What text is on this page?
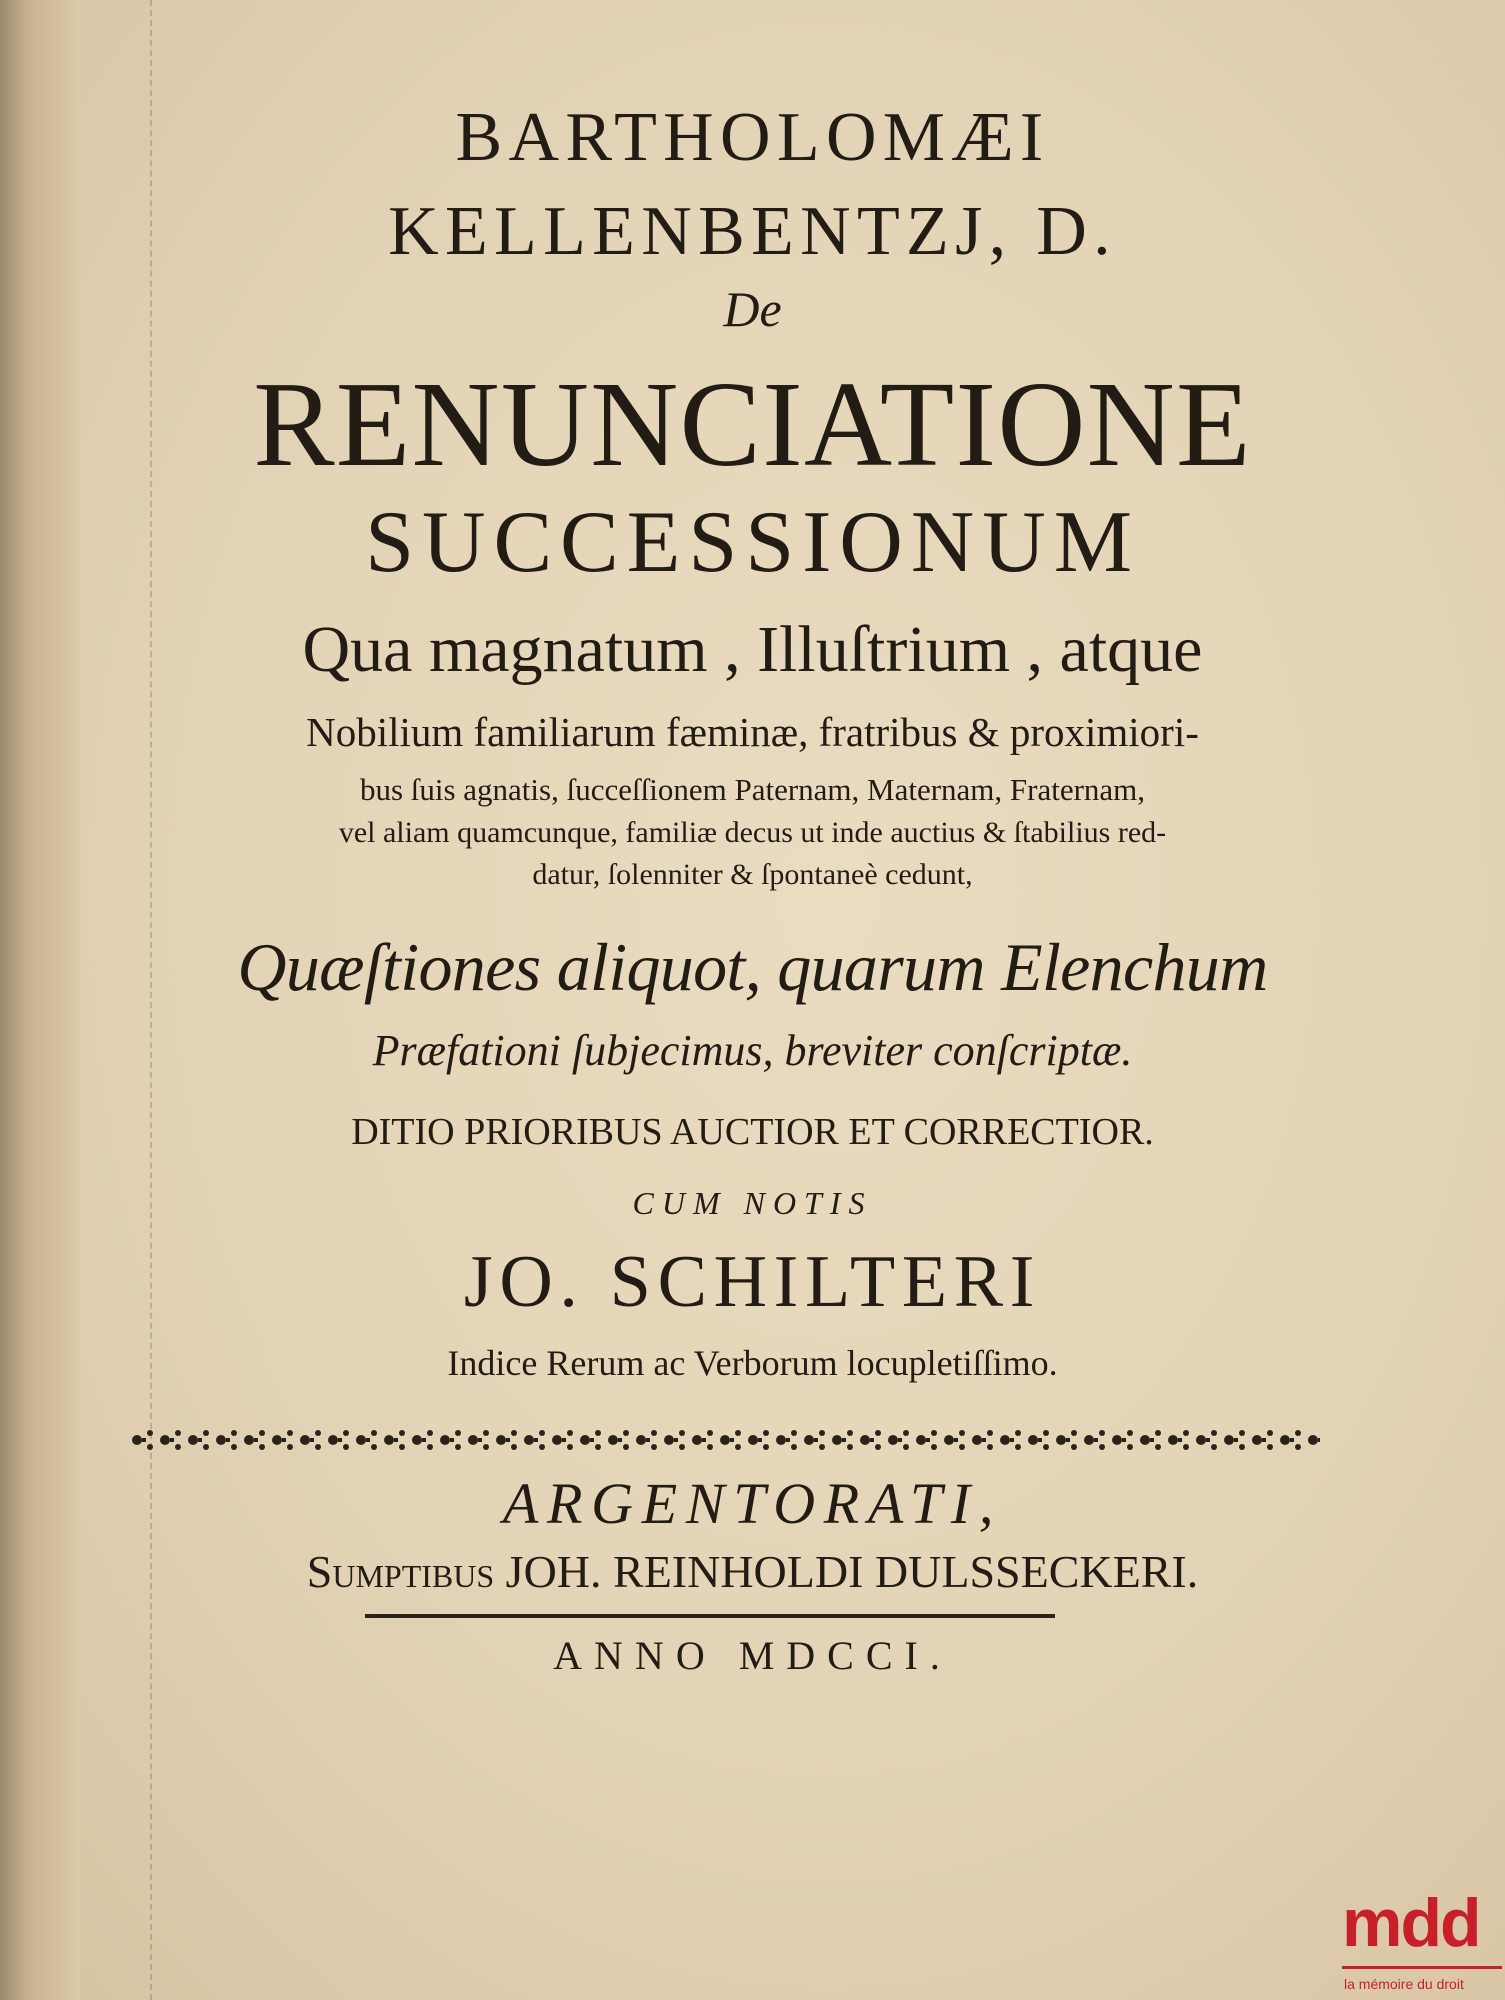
BARTHOLOMÆI
KELLENBENTZJ, D.
De
RENUNCIATIONE
SUCCESSIONUM
Qua magnatum , Illuſtrium , atque
Nobilium familiarum fæminæ, fratribus & proximiori-
bus ſuis agnatis, ſucceſſionem Paternam, Maternam, Fraternam,
vel aliam quamcunque, familiæ decus ut inde auctius & ſtabilius red-
datur, ſolenniter & ſpontaneè cedunt,
Quæſtiones aliquot, quarum Elenchum
Præfationi ſubjecimus, breviter conſcriptæ.
DITIO PRIORIBUS AUCTIOR ET CORRECTIOR.
CUM NOTIS
JO. SCHILTERI
Indice Rerum ac Verborum locupletiſſimo.
ARGENTORATI,
Sumptibus JOH. REINHOLDI DULSSECKERI.
ANNO MDCCI.
mdd
la mémoire du droit
